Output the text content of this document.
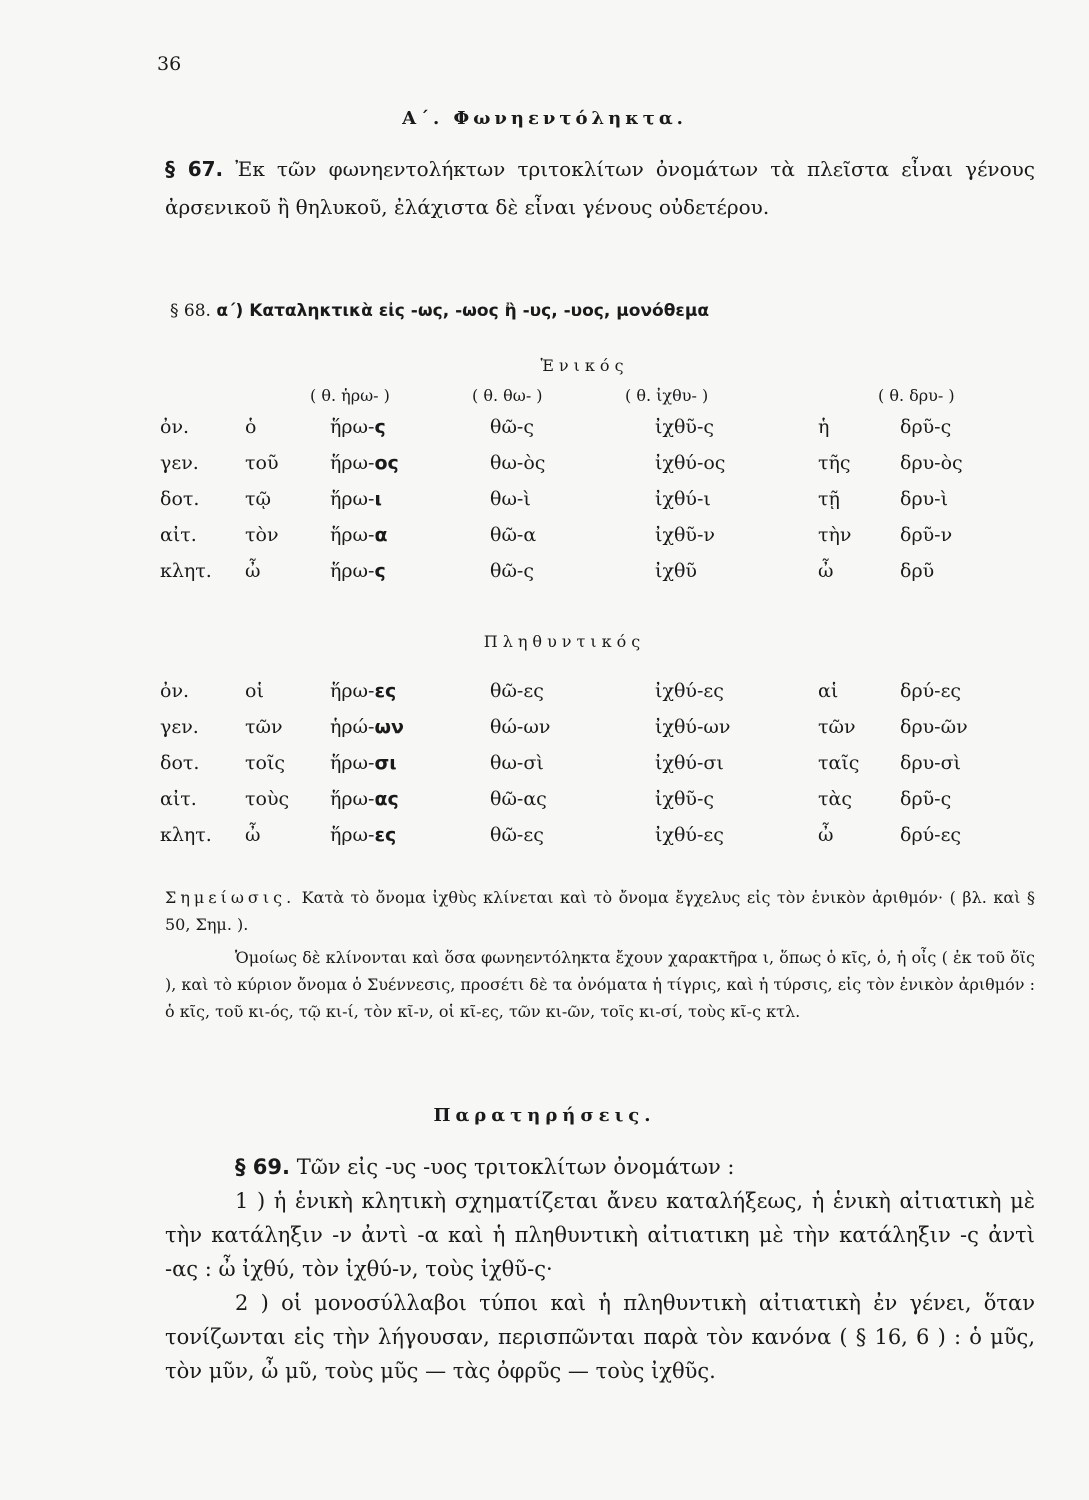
36
Α΄. Φωνηεντόληκτα.
§ 67. Ἐκ τῶν φωνηεντολήκτων τριτοκλίτων ὀνομάτων τὰ πλεῖστα εἶναι γένους ἀρσενικοῦ ἢ θηλυκοῦ, ἐλάχιστα δὲ εἶναι γένους οὐδετέρου.
§ 68. α΄) Καταληκτικὰ εἰς -ως, -ωος ἢ -υς, -υος, μονόθεμα
Ἑνικός
( θ. ἡρω- )	( θ. θω- )	( θ. ἰχθυ- )	( θ. δρυ- )
ὀν.	ὁ	ἥρω-ς	θῶ-ς	ἰχθῦ-ς	ἡ	δρῦ-ς
γεν. τοῦ	ἥρω-ος	θω-ὸς	ἰχθύ-ος	τῆς	δρυ-ὸς
δοτ. τῷ	ἥρω-ι	θω-ὶ	ἰχθύ-ι	τῇ	δρυ-ὶ
αἰτ.	τὸν	ἥρω-α	θῶ-α	ἰχθῦ-ν	τὴν	δρῦ-ν
κλητ. ὦ	ἥρω-ς	θῶ-ς	ἰχθῦ	ὦ	δρῦ
Πληθυντικός
ὀν.	οἱ	ἥρω-ες	θῶ-ες	ἰχθύ-ες	αἱ	δρύ-ες
γεν. τῶν ἡρώ-ων	θώ-ων	ἰχθύ-ων	τῶν δρυ-ῶν
δοτ. τοῖς ἥρω-σι	θω-σὶ	ἰχθύ-σι	ταῖς δρυ-σὶ
αἰτ.	τοὺς ἥρω-ας	θῶ-ας	ἰχθῦ-ς	τὰς	δρῦ-ς
κλητ. ὦ	ἥρω-ες	θῶ-ες	ἰχθύ-ες	ὦ	δρύ-ες
Σημείωσις. Κατὰ τὸ ὄνομα ἰχθὺς κλίνεται καὶ τὸ ὄνομα ἔγχελυς εἰς τὸν ἑνικὸν ἀριθμόν· ( βλ. καὶ § 50, Σημ. ).
Ὁμοίως δὲ κλίνονται καὶ ὅσα φωνηεντόληκτα ἔχουν χαρακτῆρα ι, ὅπως ὁ κῖς, ὁ, ἡ οἶς ( ἐκ τοῦ ὄϊς ), καὶ τὸ κύριον ὄνομα ὁ Συέννεσις, προσέτι δὲ τα ὀνόματα ἡ τίγρις, καὶ ἡ τύρσις, εἰς τὸν ἑνικὸν ἀριθμόν : ὁ κῖς, τοῦ κι-ός, τῷ κι-ί, τὸν κῖ-ν, οἱ κῖ-ες, τῶν κι-ῶν, τοῖς κι-σί, τοὺς κῖ-ς κτλ.
Παρατηρήσεις.
§ 69. Τῶν εἰς -υς -υος τριτοκλίτων ὀνομάτων :
1 ) ἡ ἑνικὴ κλητικὴ σχηματίζεται ἄνευ καταλήξεως, ἡ ἑνικὴ αἰτιατικὴ μὲ τὴν κατάληξιν -ν ἀντὶ -α καὶ ἡ πληθυντικὴ αἰτιατικη μὲ τὴν κατάληξιν -ς ἀντὶ -ας : ὦ ἰχθύ, τὸν ἰχθύ-ν, τοὺς ἰχθῦ-ς·
2 ) οἱ μονοσύλλαβοι τύποι καὶ ἡ πληθυντικὴ αἰτιατικὴ ἐν γένει, ὅταν τονίζωνται εἰς τὴν λήγουσαν, περισπῶνται παρὰ τὸν κανόνα ( § 16, 6 ) : ὁ μῦς, τὸν μῦν, ὦ μῦ, τοὺς μῦς — τὰς ὀφρῦς — τοὺς ἰχθῦς.
